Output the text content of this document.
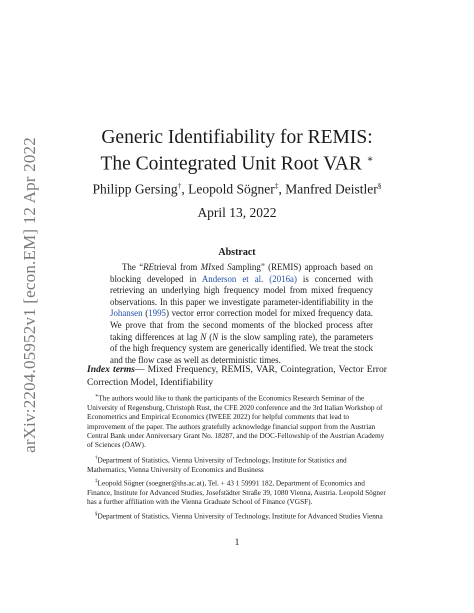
arXiv:2204.05952v1 [econ.EM] 12 Apr 2022	Generic Identifiability for REMIS:
The Cointegrated Unit Root VAR ∗
Philipp Gersing†, Leopold Sögner‡, Manfred Deistler§
April 13, 2022
Abstract

The “REtrieval from MIxed Sampling” (REMIS) approach based on blocking developed in Anderson et al. (2016a) is concerned with retrieving an underlying high frequency model from mixed frequency observations. In this paper we investigate parameter-identifiability in the Johansen (1995) vector error correction model for mixed frequency data. We prove that from the second moments of the blocked process after taking differences at lag N (N is the slow sampling rate), the parameters of the high frequency system are generically identified. We treat the stock and the flow case as well as deterministic times.

Index terms— Mixed Frequency, REMIS, VAR, Cointegration, Vector Error Correction Model, Identifiability

∗The authors would like to thank the participants of the Economics Research Seminar of the University of Regensburg, Christoph Rust, the CFE 2020 conference and the 3rd Italian Workshop of Econometrics and Empirical Economics (IWEEE 2022) for helpful comments that lead to improvement of the paper. The authors gratefully acknowledge financial support from the Austrian Central Bank under Anniversary Grant No. 18287, and the DOC-Fellowship of the Austrian Academy of Sciences (ÖAW).

†Department of Statistics, Vienna University of Technology, Institute for Statistics and Mathematics, Vienna University of Economics and Business

‡Leopold Sögner (soegner@ihs.ac.at), Tel. + 43 1 59991 182, Department of Economics and Finance, Institute for Advanced Studies, Josefstädter Straße 39, 1080 Vienna, Austria. Leopold Sögner has a further affiliation with the Vienna Graduate School of Finance (VGSF).

§Department of Statistics, Vienna University of Technology, Institute for Advanced Studies Vienna

1
